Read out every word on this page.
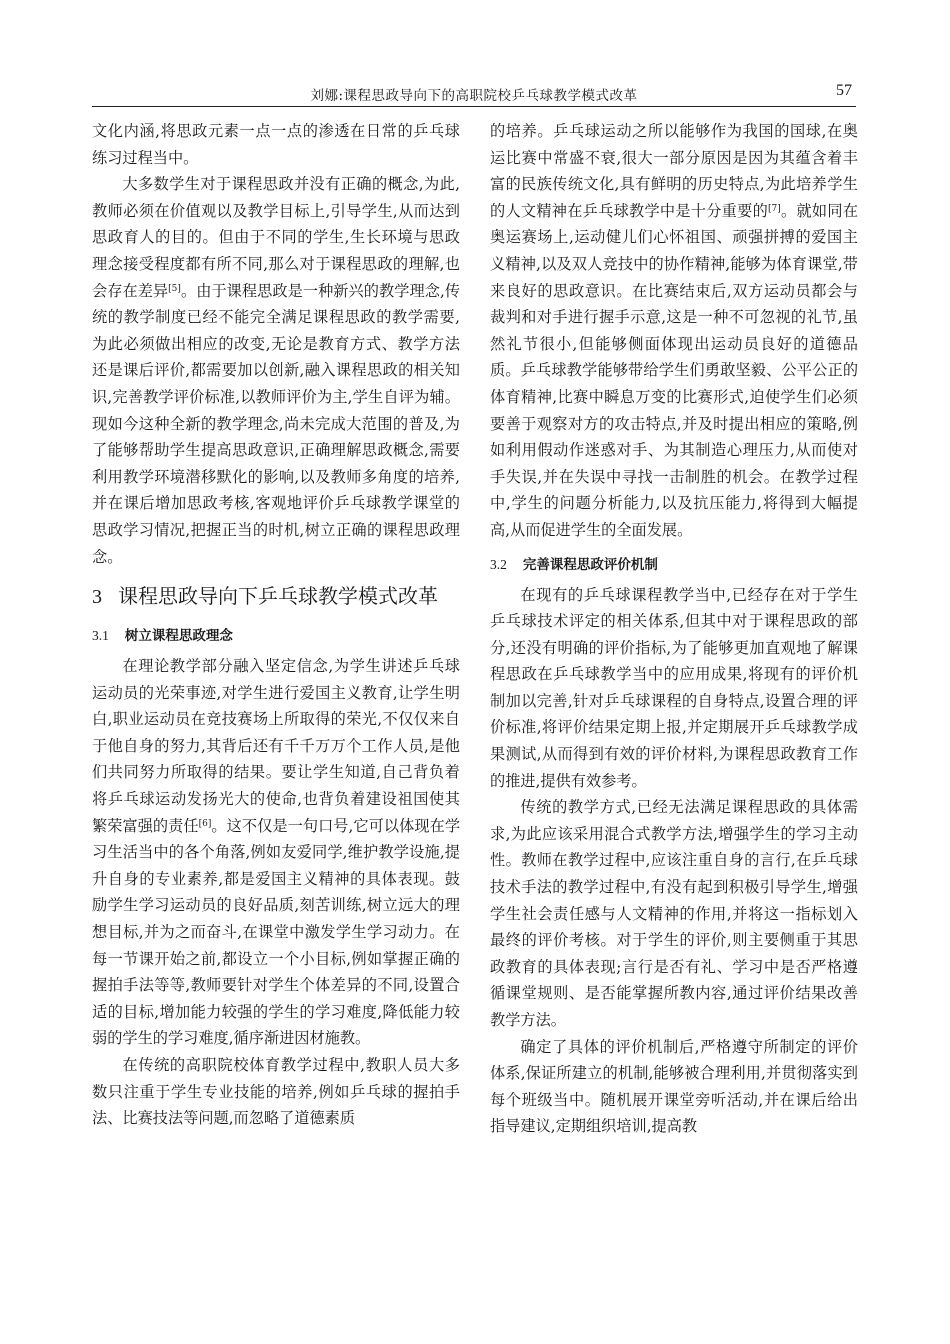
刘娜:课程思政导向下的高职院校乒乓球教学模式改革	57

文化内涵,将思政元素一点一点的渗透在日常的乒乓球练习过程当中。

大多数学生对于课程思政并没有正确的概念,为此,教师必须在价值观以及教学目标上,引导学生,从而达到思政育人的目的。但由于不同的学生,生长环境与思政理念接受程度都有所不同,那么对于课程思政的理解,也会存在差异[5]。由于课程思政是一种新兴的教学理念,传统的教学制度已经不能完全满足课程思政的教学需要,为此必须做出相应的改变,无论是教育方式、教学方法还是课后评价,都需要加以创新,融入课程思政的相关知识,完善教学评价标准,以教师评价为主,学生自评为辅。现如今这种全新的教学理念,尚未完成大范围的普及,为了能够帮助学生提高思政意识,正确理解思政概念,需要利用教学环境潜移默化的影响,以及教师多角度的培养,并在课后增加思政考核,客观地评价乒乓球教学课堂的思政学习情况,把握正当的时机,树立正确的课程思政理念。

3 课程思政导向下乒乓球教学模式改革
3.1 树立课程思政理念

在理论教学部分融入坚定信念,为学生讲述乒乓球运动员的光荣事迹,对学生进行爱国主义教育,让学生明白,职业运动员在竞技赛场上所取得的荣光,不仅仅来自于他自身的努力,其背后还有千千万万个工作人员,是他们共同努力所取得的结果。要让学生知道,自己背负着将乒乓球运动发扬光大的使命,也背负着建设祖国使其繁荣富强的责任[6]。这不仅是一句口号,它可以体现在学习生活当中的各个角落,例如友爱同学,维护教学设施,提升自身的专业素养,都是爱国主义精神的具体表现。鼓励学生学习运动员的良好品质,刻苦训练,树立远大的理想目标,并为之而奋斗,在课堂中激发学生学习动力。在每一节课开始之前,都设立一个小目标,例如掌握正确的握拍手法等等,教师要针对学生个体差异的不同,设置合适的目标,增加能力较强的学生的学习难度,降低能力较弱的学生的学习难度,循序渐进因材施教。

在传统的高职院校体育教学过程中,教职人员大多数只注重于学生专业技能的培养,例如乒乓球的握拍手法、比赛技法等问题,而忽略了道德素质

的培养。乒乓球运动之所以能够作为我国的国球,在奥运比赛中常盛不衰,很大一部分原因是因为其蕴含着丰富的民族传统文化,具有鲜明的历史特点,为此培养学生的人文精神在乒乓球教学中是十分重要的[7]。就如同在奥运赛场上,运动健儿们心怀祖国、顽强拼搏的爱国主义精神,以及双人竞技中的协作精神,能够为体育课堂,带来良好的思政意识。在比赛结束后,双方运动员都会与裁判和对手进行握手示意,这是一种不可忽视的礼节,虽然礼节很小,但能够侧面体现出运动员良好的道德品质。乒乓球教学能够带给学生们勇敢坚毅、公平公正的体育精神,比赛中瞬息万变的比赛形式,迫使学生们必须要善于观察对方的攻击特点,并及时提出相应的策略,例如利用假动作迷惑对手、为其制造心理压力,从而使对手失误,并在失误中寻找一击制胜的机会。在教学过程中,学生的问题分析能力,以及抗压能力,将得到大幅提高,从而促进学生的全面发展。

3.2 完善课程思政评价机制

在现有的乒乓球课程教学当中,已经存在对于学生乒乓球技术评定的相关体系,但其中对于课程思政的部分,还没有明确的评价指标,为了能够更加直观地了解课程思政在乒乓球教学当中的应用成果,将现有的评价机制加以完善,针对乒乓球课程的自身特点,设置合理的评价标准,将评价结果定期上报,并定期展开乒乓球教学成果测试,从而得到有效的评价材料,为课程思政教育工作的推进,提供有效参考。

传统的教学方式,已经无法满足课程思政的具体需求,为此应该采用混合式教学方法,增强学生的学习主动性。教师在教学过程中,应该注重自身的言行,在乒乓球技术手法的教学过程中,有没有起到积极引导学生,增强学生社会责任感与人文精神的作用,并将这一指标划入最终的评价考核。对于学生的评价,则主要侧重于其思政教育的具体表现;言行是否有礼、学习中是否严格遵循课堂规则、是否能掌握所教内容,通过评价结果改善教学方法。

确定了具体的评价机制后,严格遵守所制定的评价体系,保证所建立的机制,能够被合理利用,并贯彻落实到每个班级当中。随机展开课堂旁听活动,并在课后给出指导建议,定期组织培训,提高教
